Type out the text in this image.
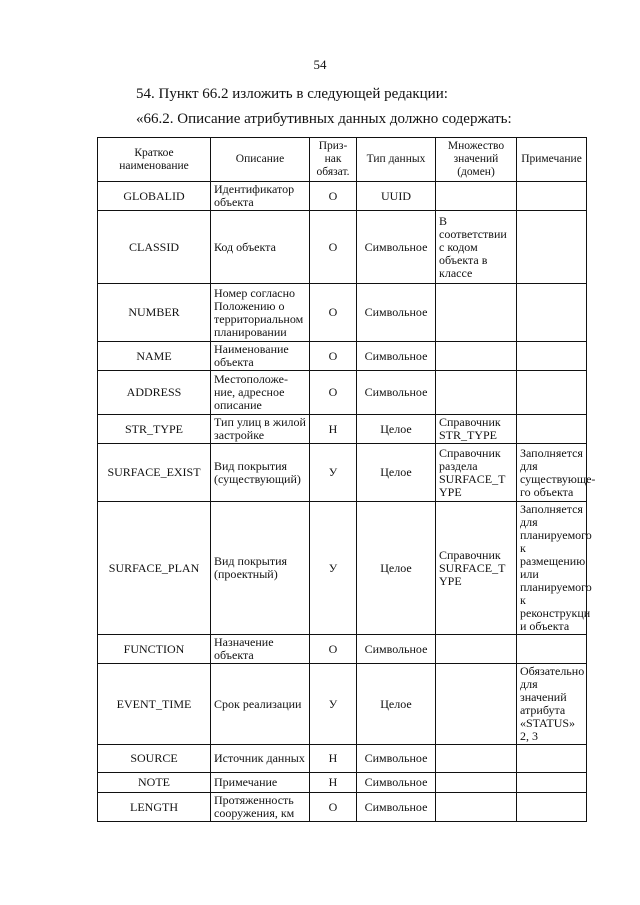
54
54. Пункт 66.2 изложить в следующей редакции:
«66.2. Описание атрибутивных данных должно содержать:
Краткое наименование	Описание	Приз-нак обязат.	Тип данных	Множество значений (домен)	Примечание
GLOBALID	Идентификатор объекта	О	UUID		
CLASSID	Код объекта	О	Символьное	В соответствии с кодом объекта в классе	
NUMBER	Номер согласно Положению о территориальном планировании	О	Символьное		
NAME	Наименование объекта	О	Символьное		
ADDRESS	Местоположе-ние, адресное описание	О	Символьное		
STR_TYPE	Тип улиц в жилой застройке	Н	Целое	Справочник STR_TYPE	
SURFACE_EXIST	Вид покрытия (существующий)	У	Целое	Справочник раздела SURFACE_T YPE	Заполняется для существующе-го объекта
SURFACE_PLAN	Вид покрытия (проектный)	У	Целое	Справочник SURFACE_T YPE	Заполняется для планируемого к размещению или планируемого к реконструкци и объекта
FUNCTION	Назначение объекта	О	Символьное		
EVENT_TIME	Срок реализации	У	Целое		Обязательно для значений атрибута «STATUS» 2, 3
SOURCE	Источник данных	Н	Символьное		
NOTE	Примечание	Н	Символьное		
LENGTH	Протяженность сооружения, км	О	Символьное		
